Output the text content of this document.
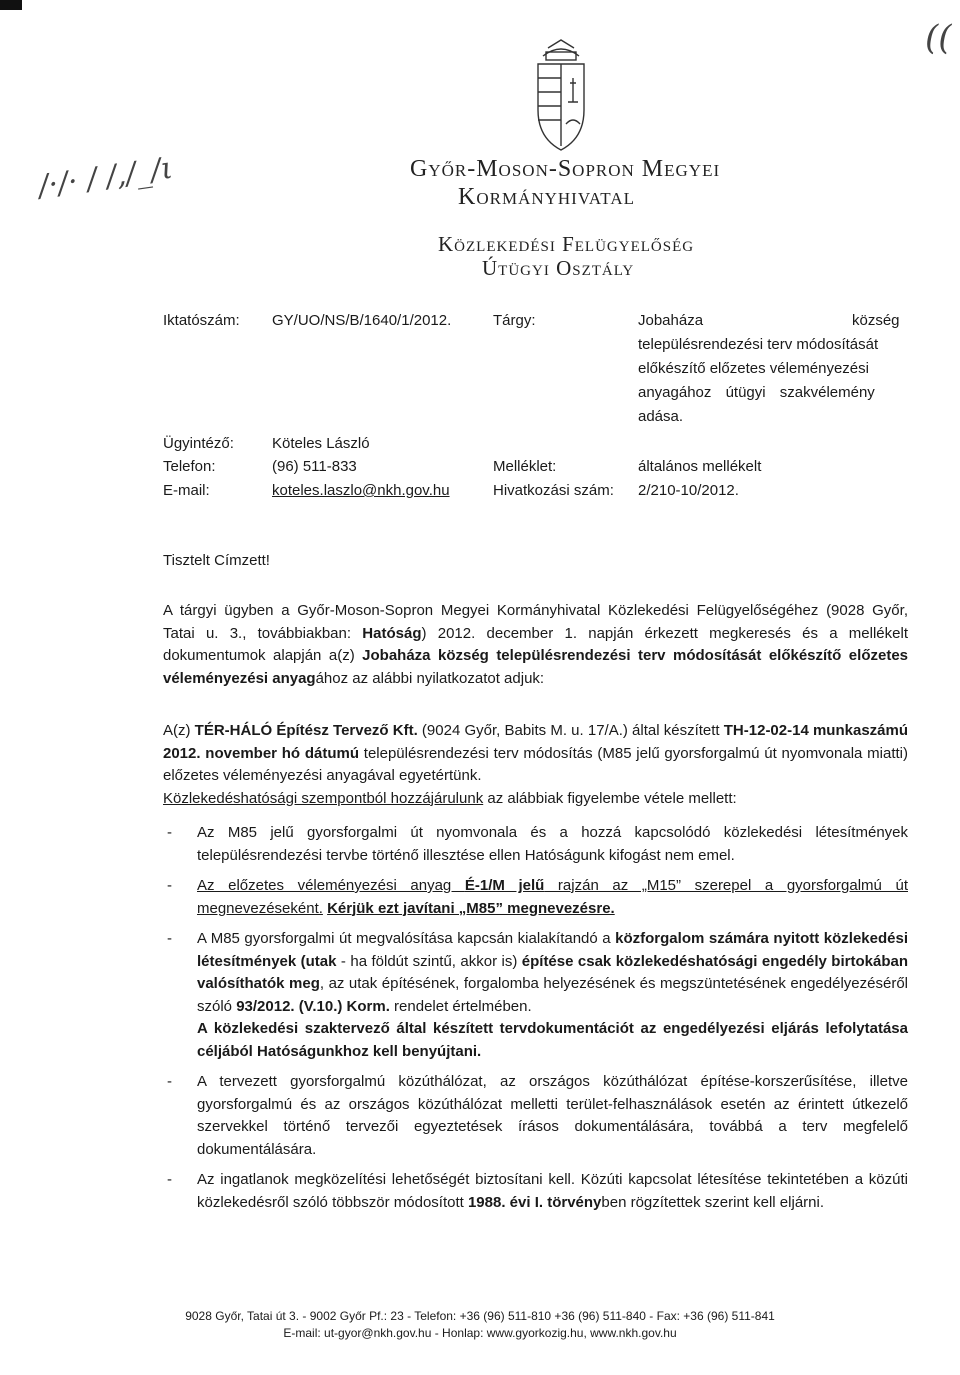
((
/·/· ∕ ∕,/_/ι	Győr-Moson-Sopron Megyei
Kormányhivatal
Közlekedési Felügyelőség
Útügyi Osztály
Iktatószám: GY/UO/NS/B/1640/1/2012.
Ügyintéző:	Köteles László
Telefon:	(96) 511-833
E-mail:	koteles.laszlo@nkh.gov.hu
Tárgy:	Jobaháza	község
településrendezési terv módosítását
előkészítő előzetes véleményezési
anyagához útügyi szakvélemény
adása.
Melléklet:	általános mellékelt
Hivatkozási szám: 2/210-10/2012.
Tisztelt Címzett!
A tárgyi ügyben a Győr-Moson-Sopron Megyei Kormányhivatal Közlekedési Felügyelőségéhez (9028 Győr, Tatai u. 3., továbbiakban: Hatóság) 2012. december 1. napján érkezett megkeresés és a mellékelt dokumentumok alapján a(z) Jobaháza község településrendezési terv módosítását előkészítő előzetes véleményezési anyagához az alábbi nyilatkozatot adjuk:
A(z) TÉR-HÁLÓ Építész Tervező Kft. (9024 Győr, Babits M. u. 17/A.) által készített TH-12-02-14 munkaszámú 2012. november hó dátumú településrendezési terv módosítás (M85 jelű gyorsforgalmú út nyomvonala miatti) előzetes véleményezési anyagával egyetértünk.
Közlekedéshatósági szempontból hozzájárulunk az alábbiak figyelembe vétele mellett:
- Az M85 jelű gyorsforgalmi út nyomvonala és a hozzá kapcsolódó közlekedési létesítmények településrendezési tervbe történő illesztése ellen Hatóságunk kifogást nem emel.
- Az előzetes véleményezési anyag É-1/M jelű rajzán az „M15” szerepel a gyorsforgalmú út megnevezéseként. Kérjük ezt javítani „M85” megnevezésre.
- A M85 gyorsforgalmi út megvalósítása kapcsán kialakítandó a közforgalom számára nyitott közlekedési létesítmények (utak - ha földút szintű, akkor is) építése csak közlekedéshatósági engedély birtokában valósíthatók meg, az utak építésének, forgalomba helyezésének és megszüntetésének engedélyezéséről szóló 93/2012. (V.10.) Korm. rendelet értelmében.
A közlekedési szaktervező által készített tervdokumentációt az engedélyezési eljárás lefolytatása céljából Hatóságunkhoz kell benyújtani.
- A tervezett gyorsforgalmú közúthálózat, az országos közúthálózat építése-korszerűsítése, illetve gyorsforgalmú és az országos közúthálózat melletti terület-felhasználások esetén az érintett útkezelő szervekkel történő tervezői egyeztetések írásos dokumentálására, továbbá a terv megfelelő dokumentálására.
- Az ingatlanok megközelítési lehetőségét biztosítani kell. Közúti kapcsolat létesítése tekintetében a közúti közlekedésről szóló többször módosított 1988. évi I. törvényben rögzítettek szerint kell eljárni.
9028 Győr, Tatai út 3. - 9002 Győr Pf.: 23 - Telefon: +36 (96) 511-810 +36 (96) 511-840 - Fax: +36 (96) 511-841
E-mail: ut-gyor@nkh.gov.hu - Honlap: www.gyorkozig.hu, www.nkh.gov.hu
